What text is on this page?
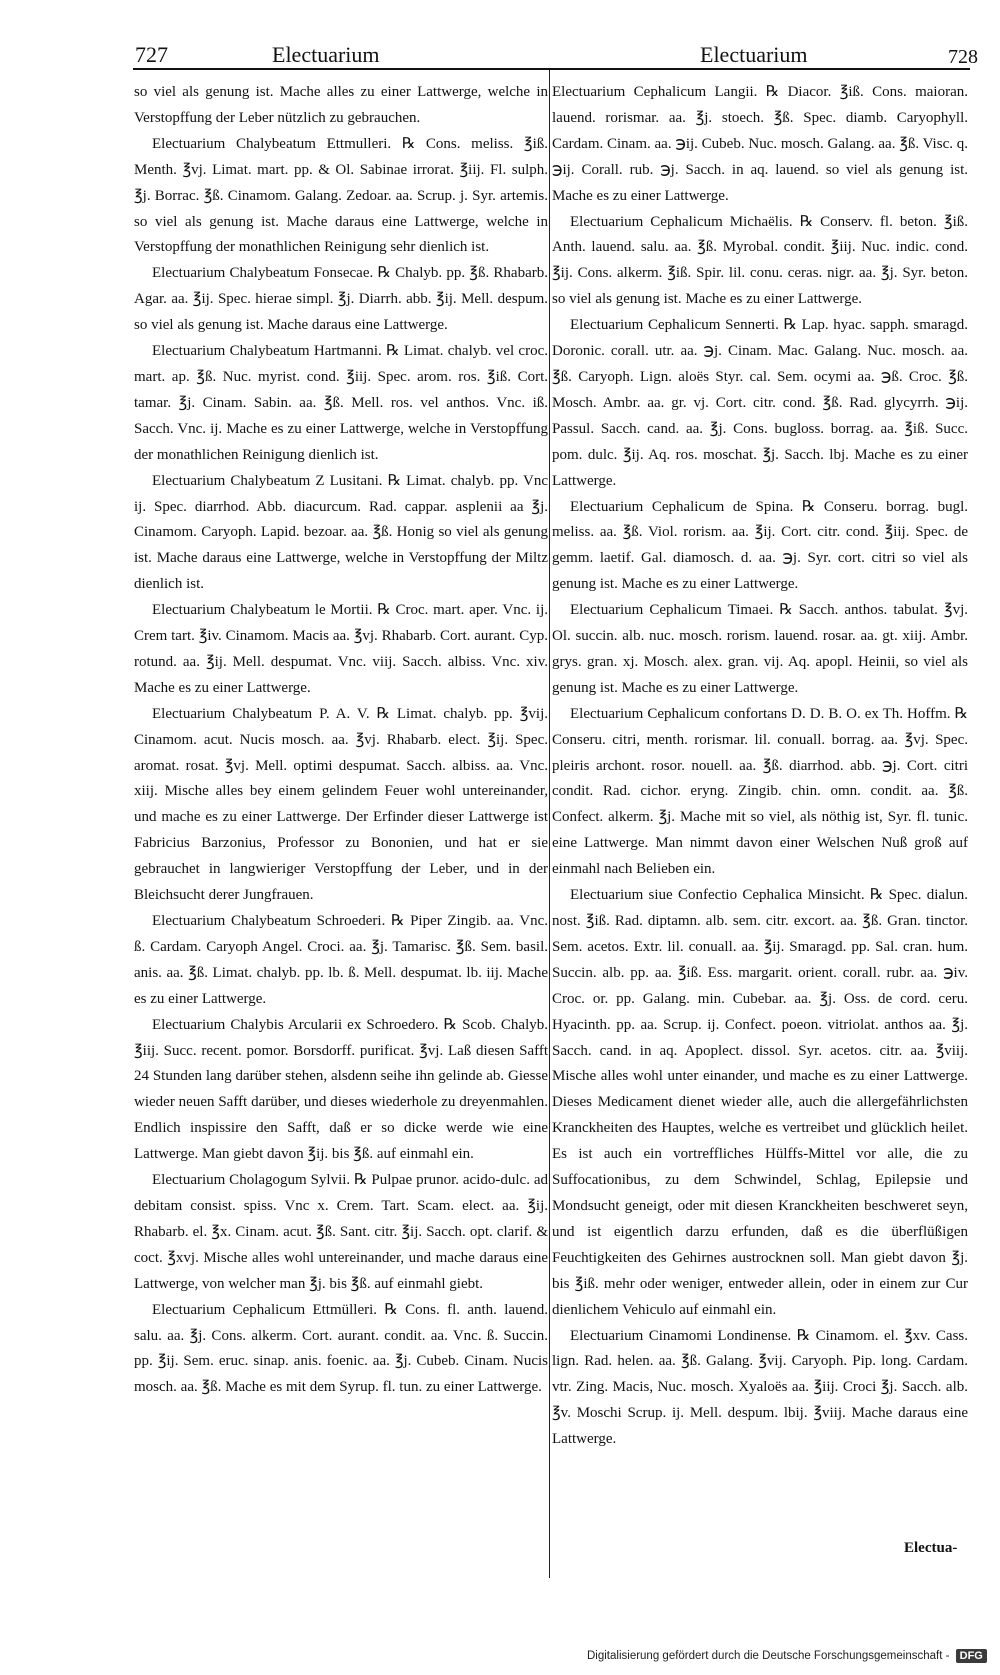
727	Electuarium	Electuarium	728

so viel als genung ist. Mache alles zu einer Lattwerge, welche in Verstopffung der Leber nützlich zu gebrauchen.

Electuarium Chalybeatum Ettmulleri. ℞ Cons. meliss. ℥iß. Menth. ℥vj. Limat. mart. pp. & Ol. Sabinae irrorat. ℥iij. Fl. sulph. ℥j. Borrac. ℥ß. Cinamom. Galang. Zedoar. aa. Scrup. j. Syr. artemis. so viel als genung ist. Mache daraus eine Lattwerge, welche in Verstopffung der monathlichen Reinigung sehr dienlich ist.

Electuarium Chalybeatum Fonsecae. ℞ Chalyb. pp. ℥ß. Rhabarb. Agar. aa. ℥ij. Spec. hierae simpl. ℥j. Diarrh. abb. ℥ij. Mell. despum. so viel als genung ist. Mache daraus eine Lattwerge.

Electuarium Chalybeatum Hartmanni. ℞ Limat. chalyb. vel croc. mart. ap. ℥ß. Nuc. myrist. cond. ℥iij. Spec. arom. ros. ℥iß. Cort. tamar. ℥j. Cinam. Sabin. aa. ℥ß. Mell. ros. vel anthos. Vnc. iß. Sacch. Vnc. ij. Mache es zu einer Lattwerge, welche in Verstopffung der monathlichen Reinigung dienlich ist.

Electuarium Chalybeatum Z Lusitani. ℞ Limat. chalyb. pp. Vnc ij. Spec. diarrhod. Abb. diacurcum. Rad. cappar. asplenii aa ℥j. Cinamom. Caryoph. Lapid. bezoar. aa. ℥ß. Honig so viel als genung ist. Mache daraus eine Lattwerge, welche in Verstopffung der Miltz dienlich ist.

Electuarium Chalybeatum le Mortii. ℞ Croc. mart. aper. Vnc. ij. Crem tart. ℥iv. Cinamom. Macis aa. ℥vj. Rhabarb. Cort. aurant. Cyp. rotund. aa. ℥ij. Mell. despumat. Vnc. viij. Sacch. albiss. Vnc. xiv. Mache es zu einer Lattwerge.

Electuarium Chalybeatum P. A. V. ℞ Limat. chalyb. pp. ℥vij. Cinamom. acut. Nucis mosch. aa. ℥vj. Rhabarb. elect. ℥ij. Spec. aromat. rosat. ℥vj. Mell. optimi despumat. Sacch. albiss. aa. Vnc. xiij. Mische alles bey einem gelindem Feuer wohl untereinander, und mache es zu einer Lattwerge. Der Erfinder dieser Lattwerge ist Fabricius Barzonius, Professor zu Bononien, und hat er sie gebrauchet in langwieriger Verstopffung der Leber, und in der Bleichsucht derer Jungfrauen.

Electuarium Chalybeatum Schroederi. ℞ Piper Zingib. aa. Vnc. ß. Cardam. Caryoph Angel. Croci. aa. ℥j. Tamarisc. ℥ß. Sem. basil. anis. aa. ℥ß. Limat. chalyb. pp. lb. ß. Mell. despumat. lb. iij. Mache es zu einer Lattwerge.

Electuarium Chalybis Arcularii ex Schroedero. ℞ Scob. Chalyb. ℥iij. Succ. recent. pomor. Borsdorff. purificat. ℥vj. Laß diesen Safft 24 Stunden lang darüber stehen, alsdenn seihe ihn gelinde ab. Giesse wieder neuen Safft darüber, und dieses wiederhole zu dreyenmahlen. Endlich inspissire den Safft, daß er so dicke werde wie eine Lattwerge. Man giebt davon ℥ij. bis ℥ß. auf einmahl ein.

Electuarium Cholagogum Sylvii. ℞ Pulpae prunor. acido-dulc. ad debitam consist. spiss. Vnc x. Crem. Tart. Scam. elect. aa. ℥ij. Rhabarb. el. ℥x. Cinam. acut. ℥ß. Sant. citr. ℥ij. Sacch. opt. clarif. & coct. ℥xvj. Mische alles wohl untereinander, und mache daraus eine Lattwerge, von welcher man ℥j. bis ℥ß. auf einmahl giebt.

Electuarium Cephalicum Ettmülleri. ℞ Cons. fl. anth. lauend. salu. aa. ℥j. Cons. alkerm. Cort. aurant. condit. aa. Vnc. ß. Succin. pp. ℥ij. Sem. eruc. sinap. anis. foenic. aa. ℥j. Cubeb. Cinam. Nucis mosch. aa. ℥ß. Mache es mit dem Syrup. fl. tun. zu einer Lattwerge.

Electuarium Cephalicum Langii. ℞ Diacor. ℥iß. Cons. maioran. lauend. rorismar. aa. ℥j. stoech. ℥ß. Spec. diamb. Caryophyll. Cardam. Cinam. aa. ℈ij. Cubeb. Nuc. mosch. Galang. aa. ℥ß. Visc. q. ℈ij. Corall. rub. ℈j. Sacch. in aq. lauend. so viel als genung ist. Mache es zu einer Lattwerge.

Electuarium Cephalicum Michaëlis. ℞ Conserv. fl. beton. ℥iß. Anth. lauend. salu. aa. ℥ß. Myrobal. condit. ℥iij. Nuc. indic. cond. ℥ij. Cons. alkerm. ℥iß. Spir. lil. conu. ceras. nigr. aa. ℥j. Syr. beton. so viel als genung ist. Mache es zu einer Lattwerge.

Electuarium Cephalicum Sennerti. ℞ Lap. hyac. sapph. smaragd. Doronic. corall. utr. aa. ℈j. Cinam. Mac. Galang. Nuc. mosch. aa. ℥ß. Caryoph. Lign. aloës Styr. cal. Sem. ocymi aa. ℈ß. Croc. ℥ß. Mosch. Ambr. aa. gr. vj. Cort. citr. cond. ℥ß. Rad. glycyrrh. ℈ij. Passul. Sacch. cand. aa. ℥j. Cons. bugloss. borrag. aa. ℥iß. Succ. pom. dulc. ℥ij. Aq. ros. moschat. ℥j. Sacch. lbj. Mache es zu einer Lattwerge.

Electuarium Cephalicum de Spina. ℞ Conseru. borrag. bugl. meliss. aa. ℥ß. Viol. rorism. aa. ℥ij. Cort. citr. cond. ℥iij. Spec. de gemm. laetif. Gal. diamosch. d. aa. ℈j. Syr. cort. citri so viel als genung ist. Mache es zu einer Lattwerge.

Electuarium Cephalicum Timaei. ℞ Sacch. anthos. tabulat. ℥vj. Ol. succin. alb. nuc. mosch. rorism. lauend. rosar. aa. gt. xiij. Ambr. grys. gran. xj. Mosch. alex. gran. vij. Aq. apopl. Heinii, so viel als genung ist. Mache es zu einer Lattwerge.

Electuarium Cephalicum confortans D. D. B. O. ex Th. Hoffm. ℞ Conseru. citri, menth. rorismar. lil. conuall. borrag. aa. ℥vj. Spec. pleiris archont. rosor. nouell. aa. ℥ß. diarrhod. abb. ℈j. Cort. citri condit. Rad. cichor. eryng. Zingib. chin. omn. condit. aa. ℥ß. Confect. alkerm. ℥j. Mache mit so viel, als nöthig ist, Syr. fl. tunic. eine Lattwerge. Man nimmt davon einer Welschen Nuß groß auf einmahl nach Belieben ein.

Electuarium siue Confectio Cephalica Minsicht. ℞ Spec. dialun. nost. ℥iß. Rad. diptamn. alb. sem. citr. excort. aa. ℥ß. Gran. tinctor. Sem. acetos. Extr. lil. conuall. aa. ℥ij. Smaragd. pp. Sal. cran. hum. Succin. alb. pp. aa. ℥iß. Ess. margarit. orient. corall. rubr. aa. ℈iv. Croc. or. pp. Galang. min. Cubebar. aa. ℥j. Oss. de cord. ceru. Hyacinth. pp. aa. Scrup. ij. Confect. poeon. vitriolat. anthos aa. ℥j. Sacch. cand. in aq. Apoplect. dissol. Syr. acetos. citr. aa. ℥viij. Mische alles wohl unter einander, und mache es zu einer Lattwerge. Dieses Medicament dienet wieder alle, auch die allergefährlichsten Kranckheiten des Hauptes, welche es vertreibet und glücklich heilet. Es ist auch ein vortreffliches Hülffs-Mittel vor alle, die zu Suffocationibus, zu dem Schwindel, Schlag, Epilepsie und Mondsucht geneigt, oder mit diesen Kranckheiten beschweret seyn, und ist eigentlich darzu erfunden, daß es die überflüßigen Feuchtigkeiten des Gehirnes austrocknen soll. Man giebt davon ℥j. bis ℥iß. mehr oder weniger, entweder allein, oder in einem zur Cur dienlichem Vehiculo auf einmahl ein.

Electuarium Cinamomi Londinense. ℞ Cinamom. el. ℥xv. Cass. lign. Rad. helen. aa. ℥ß. Galang. ℥vij. Caryoph. Pip. long. Cardam. vtr. Zing. Macis, Nuc. mosch. Xyaloës aa. ℥iij. Croci ℥j. Sacch. alb. ℥v. Moschi Scrup. ij. Mell. despum. lbij. ℥viij. Mache daraus eine Lattwerge.

Electua-
Digitalisierung gefördert durch die Deutsche Forschungsgemeinschaft - DFG
